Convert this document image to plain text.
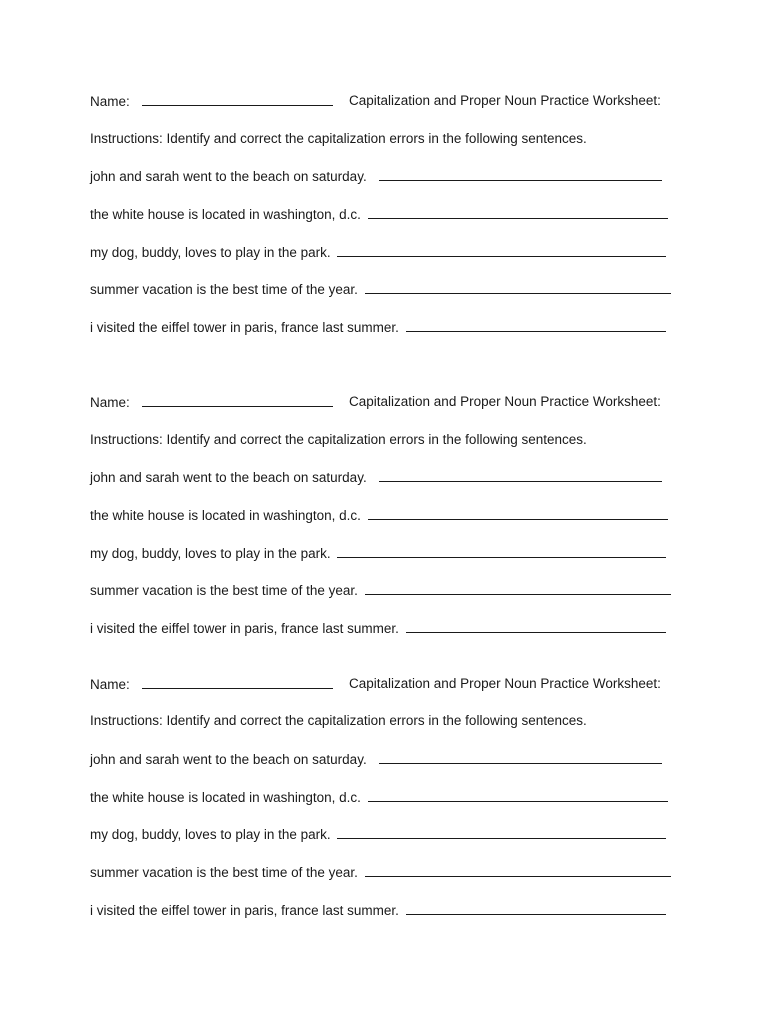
Name:	Capitalization and Proper Noun Practice Worksheet:
Instructions: Identify and correct the capitalization errors in the following sentences.
john and sarah went to the beach on saturday.
the white house is located in washington, d.c.
my dog, buddy, loves to play in the park.
summer vacation is the best time of the year.
i visited the eiffel tower in paris, france last summer.
Name:	Capitalization and Proper Noun Practice Worksheet:
Instructions: Identify and correct the capitalization errors in the following sentences.
john and sarah went to the beach on saturday.
the white house is located in washington, d.c.
my dog, buddy, loves to play in the park.
summer vacation is the best time of the year.
i visited the eiffel tower in paris, france last summer.
Name:	Capitalization and Proper Noun Practice Worksheet:
Instructions: Identify and correct the capitalization errors in the following sentences.
john and sarah went to the beach on saturday.
the white house is located in washington, d.c.
my dog, buddy, loves to play in the park.
summer vacation is the best time of the year.
i visited the eiffel tower in paris, france last summer.
